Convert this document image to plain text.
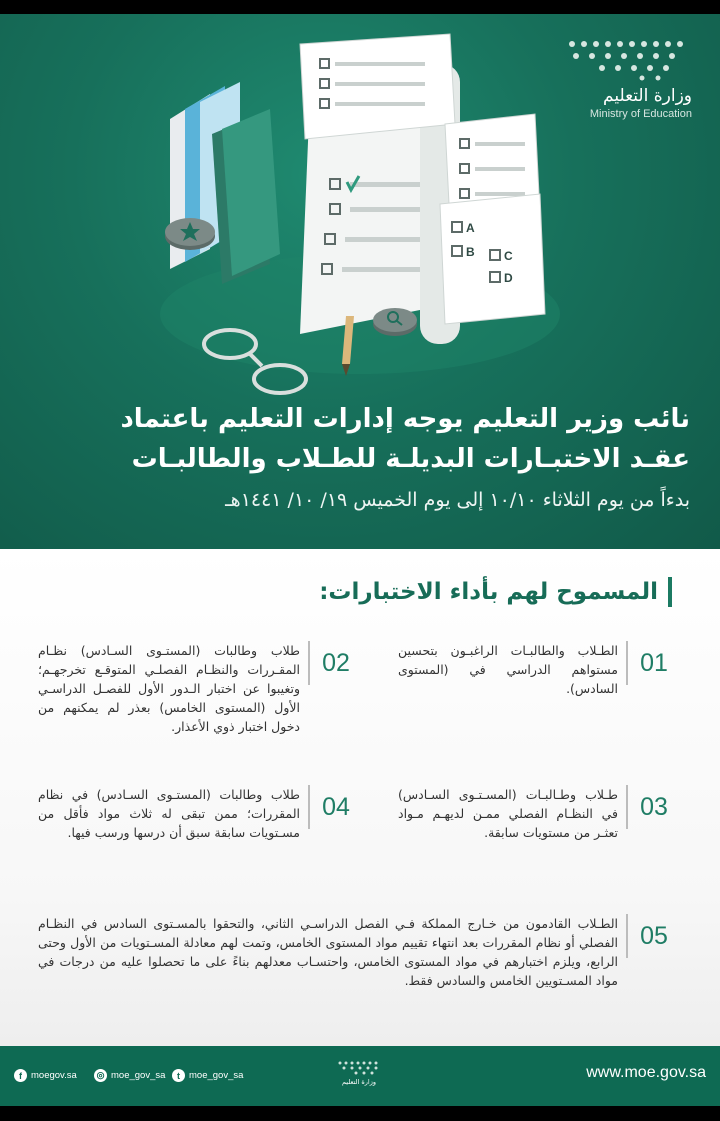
A
B C
D
وزارة التعليم
Ministry of Education
نائب وزير التعليم يوجه إدارات التعليم باعتماد
عقـد الاختبـارات البديلـة للطـلاب والطالبـات
بدءاً من يوم الثلاثاء ١٠/١٠ إلى يوم الخميس ١٩/ ١٠/ ١٤٤١هـ
المسموح لهم بأداء الاختبارات:
01
الطـلاب والطالبـات الراغبـون بتحسين مستواهم الدراسي في (المستوى السادس).
02
طلاب وطالبات (المستـوى السـادس) نظـام المقـررات والنظـام الفصلـي المتوقـع تخرجهـم؛ وتغيبوا عن اختبار الـدور الأول للفصـل الدراسـي الأول (المستوى الخامس) بعذر لم يمكنهم من دخول اختبار ذوي الأعذار.
03
طـلاب وطـالبـات (المسـتـوى السـادس) في النظـام الفصلي ممـن لديهـم مـواد تعثـر من مستويات سابقة.
04
طلاب وطالبات (المستـوى السـادس) في نظام المقررات؛ ممن تبقى له ثلاث مواد فأقل من مسـتويات سابقة سبق أن درسها ورسب فيها.
05
الطـلاب القادمون من خـارج المملكة فـي الفصل الدراسـي الثاني، والتحقوا بالمسـتوى السادس في النظـام الفصلي أو نظام المقررات بعد انتهاء تقييم مواد المستوى الخامس، وتمت لهم معادلة المسـتويات من الأول وحتى الرابع، ويلزم اختبارهم في مواد المستوى الخامس، واحتسـاب معدلهم بناءً على ما تحصلوا عليه من درجات في مواد المسـتويين الخامس والسادس فقط.
f moegov.sa ◎ moe_gov_sa	t moe_gov_sa
وزارة التعليم
www.moe.gov.sa
